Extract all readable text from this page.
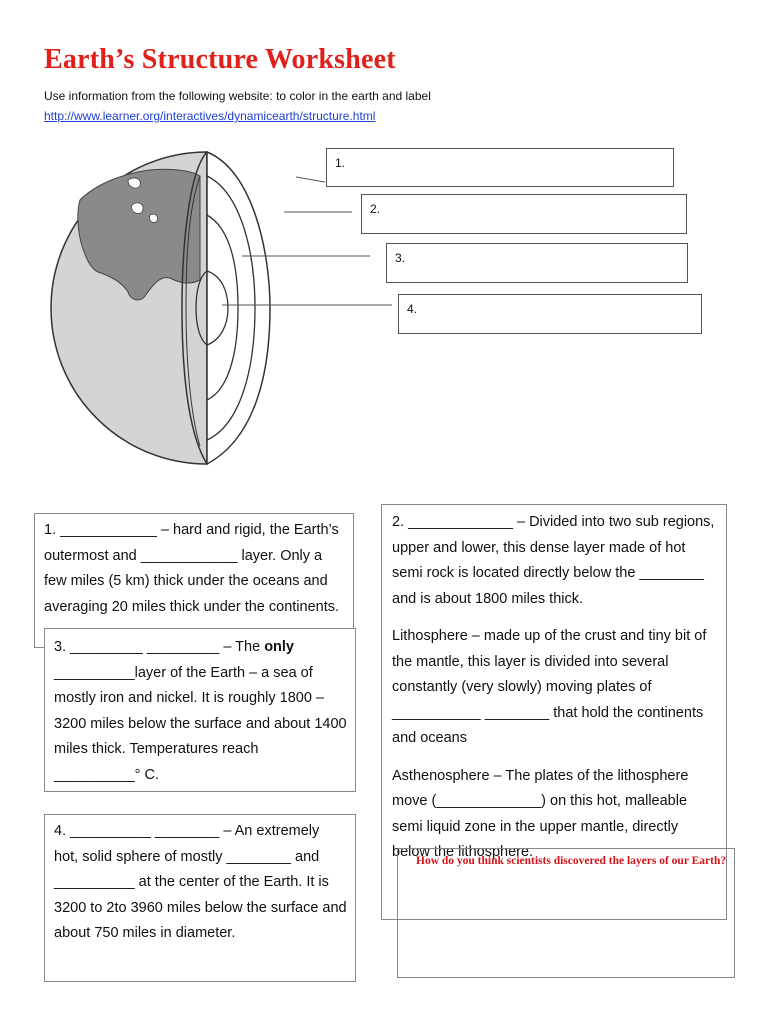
Earth’s Structure Worksheet
Use information from the following website: to color in the earth and label
http://www.learner.org/interactives/dynamicearth/structure.html
1.
2.
3.
4.

1. ____________ – hard and rigid, the Earth’s outermost and ____________ layer. Only a few miles (5 km) thick under the oceans and averaging 20 miles thick under the continents.

3. _________ _________ – The only __________layer of the Earth – a sea of mostly iron and nickel. It is roughly 1800 – 3200 miles below the surface and about 1400 miles thick. Temperatures reach __________° C.

4. __________ ________ – An extremely hot, solid sphere of mostly ________ and __________ at the center of the Earth. It is 3200 to 2to 3960 miles below the surface and about 750 miles in diameter.

2. _____________ – Divided into two sub regions, upper and lower, this dense layer made of hot semi rock is located directly below the ________ and is about 1800 miles thick.

Lithosphere – made up of the crust and tiny bit of the mantle, this layer is divided into several constantly (very slowly) moving plates of ___________ ________ that hold the continents and oceans

Asthenosphere – The plates of the lithosphere move (_____________) on this hot, malleable semi liquid zone in the upper mantle, directly below the lithosphere.

How do you think scientists discovered the layers of our Earth?
